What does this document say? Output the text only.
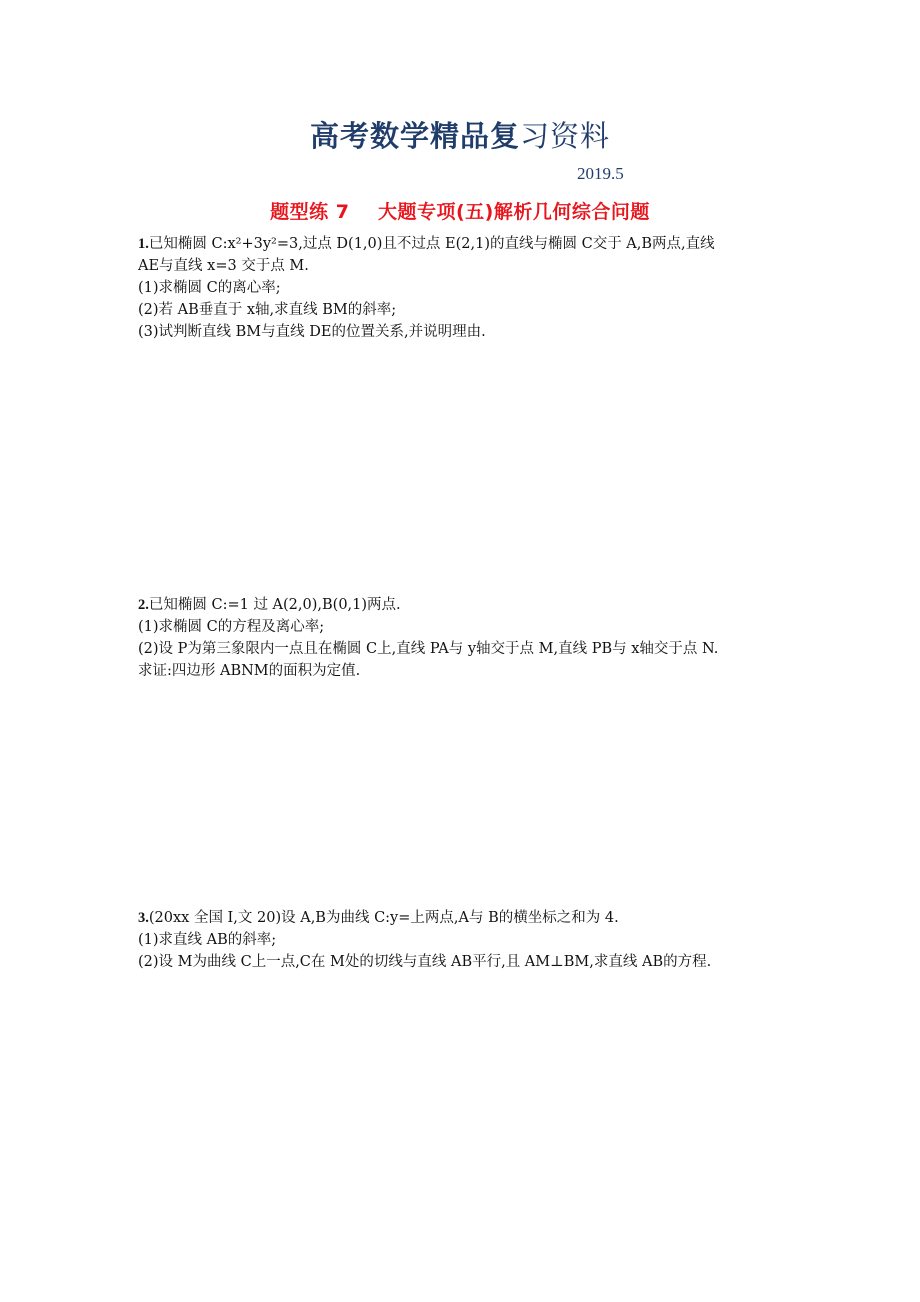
高考数学精品复习资料
2019.5
题型练 7    大题专项(五)解析几何综合问题
1.已知椭圆 C:x²+3y²=3,过点 D(1,0)且不过点 E(2,1)的直线与椭圆 C交于 A,B两点,直线
AE与直线 x=3 交于点 M.
(1)求椭圆 C的离心率;
(2)若 AB垂直于 x轴,求直线 BM的斜率;
(3)试判断直线 BM与直线 DE的位置关系,并说明理由.
2.已知椭圆 C:=1 过 A(2,0),B(0,1)两点.
(1)求椭圆 C的方程及离心率;
(2)设 P为第三象限内一点且在椭圆 C上,直线 PA与 y轴交于点 M,直线 PB与 x轴交于点 N.
求证:四边形 ABNM的面积为定值.
3.(20xx 全国 Ⅰ,文 20)设 A,B为曲线 C:y=上两点,A与 B的横坐标之和为 4.
(1)求直线 AB的斜率;
(2)设 M为曲线 C上一点,C在 M处的切线与直线 AB平行,且 AM⊥BM,求直线 AB的方程.
